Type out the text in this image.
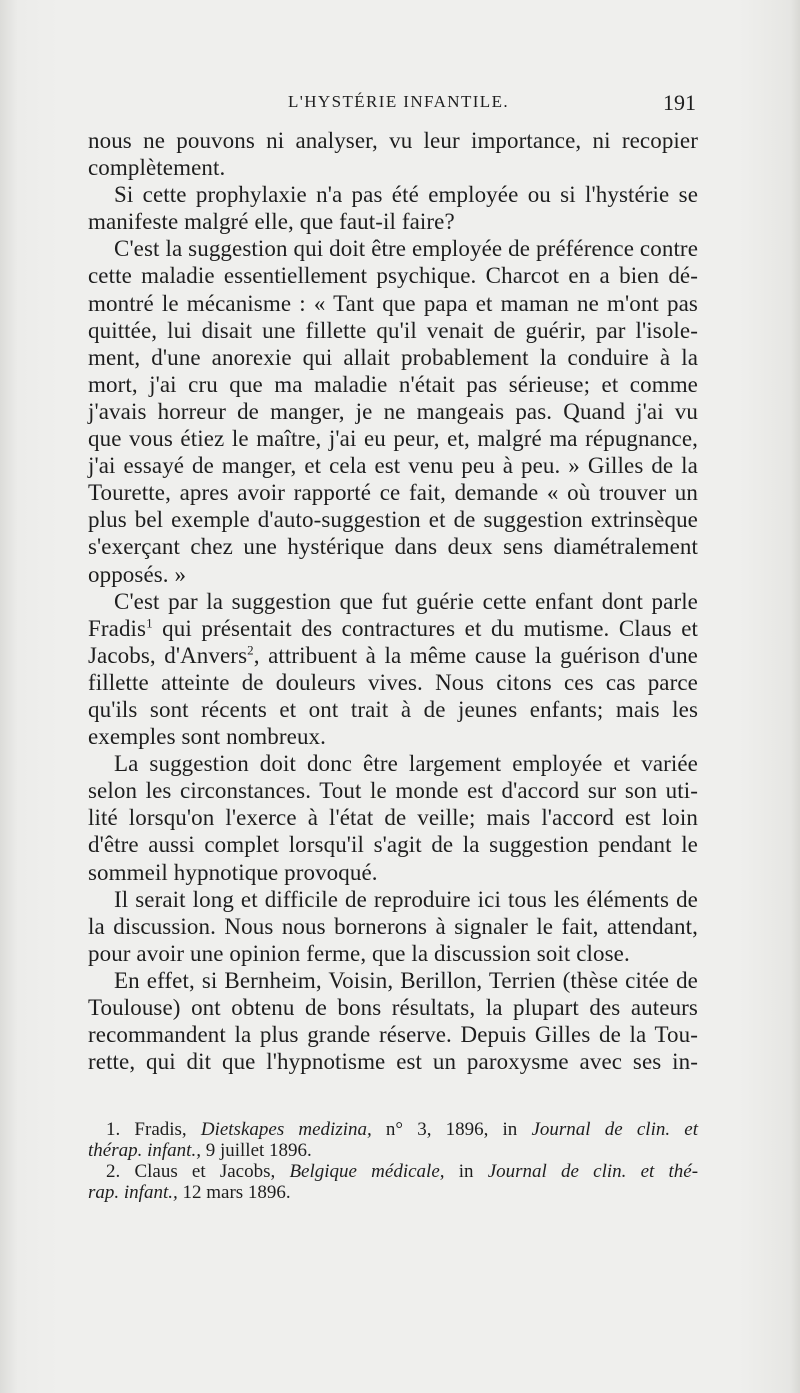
L'HYSTÉRIE INFANTILE.	191
nous ne pouvons ni analyser, vu leur importance, ni recopier
complètement.
Si cette prophylaxie n'a pas été employée ou si l'hystérie se
manifeste malgré elle, que faut-il faire?
C'est la suggestion qui doit être employée de préférence contre
cette maladie essentiellement psychique. Charcot en a bien dé-
montré le mécanisme : « Tant que papa et maman ne m'ont pas
quittée, lui disait une fillette qu'il venait de guérir, par l'isole-
ment, d'une anorexie qui allait probablement la conduire à la
mort, j'ai cru que ma maladie n'était pas sérieuse; et comme
j'avais horreur de manger, je ne mangeais pas. Quand j'ai vu
que vous étiez le maître, j'ai eu peur, et, malgré ma répugnance,
j'ai essayé de manger, et cela est venu peu à peu. » Gilles de la
Tourette, apres avoir rapporté ce fait, demande « où trouver un
plus bel exemple d'auto-suggestion et de suggestion extrinsèque
s'exerçant chez une hystérique dans deux sens diamétralement
opposés. »
C'est par la suggestion que fut guérie cette enfant dont parle
Fradis$^1$ qui présentait des contractures et du mutisme. Claus et
Jacobs, d'Anvers$^2$, attribuent à la même cause la guérison d'une
fillette atteinte de douleurs vives. Nous citons ces cas parce
qu'ils sont récents et ont trait à de jeunes enfants; mais les
exemples sont nombreux.
La suggestion doit donc être largement employée et variée
selon les circonstances. Tout le monde est d'accord sur son uti-
lité lorsqu'on l'exerce à l'état de veille; mais l'accord est loin
d'être aussi complet lorsqu'il s'agit de la suggestion pendant le
sommeil hypnotique provoqué.
Il serait long et difficile de reproduire ici tous les éléments de
la discussion. Nous nous bornerons à signaler le fait, attendant,
pour avoir une opinion ferme, que la discussion soit close.
En effet, si Bernheim, Voisin, Berillon, Terrien (thèse citée de
Toulouse) ont obtenu de bons résultats, la plupart des auteurs
recommandent la plus grande réserve. Depuis Gilles de la Tou-
rette, qui dit que l'hypnotisme est un paroxysme avec ses in-
1. Fradis, Dietskapes medizina, n° 3, 1896, in Journal de clin. et
thérap. infant., 9 juillet 1896.
2. Claus et Jacobs, Belgique médicale, in Journal de clin. et thé-
rap. infant., 12 mars 1896.
